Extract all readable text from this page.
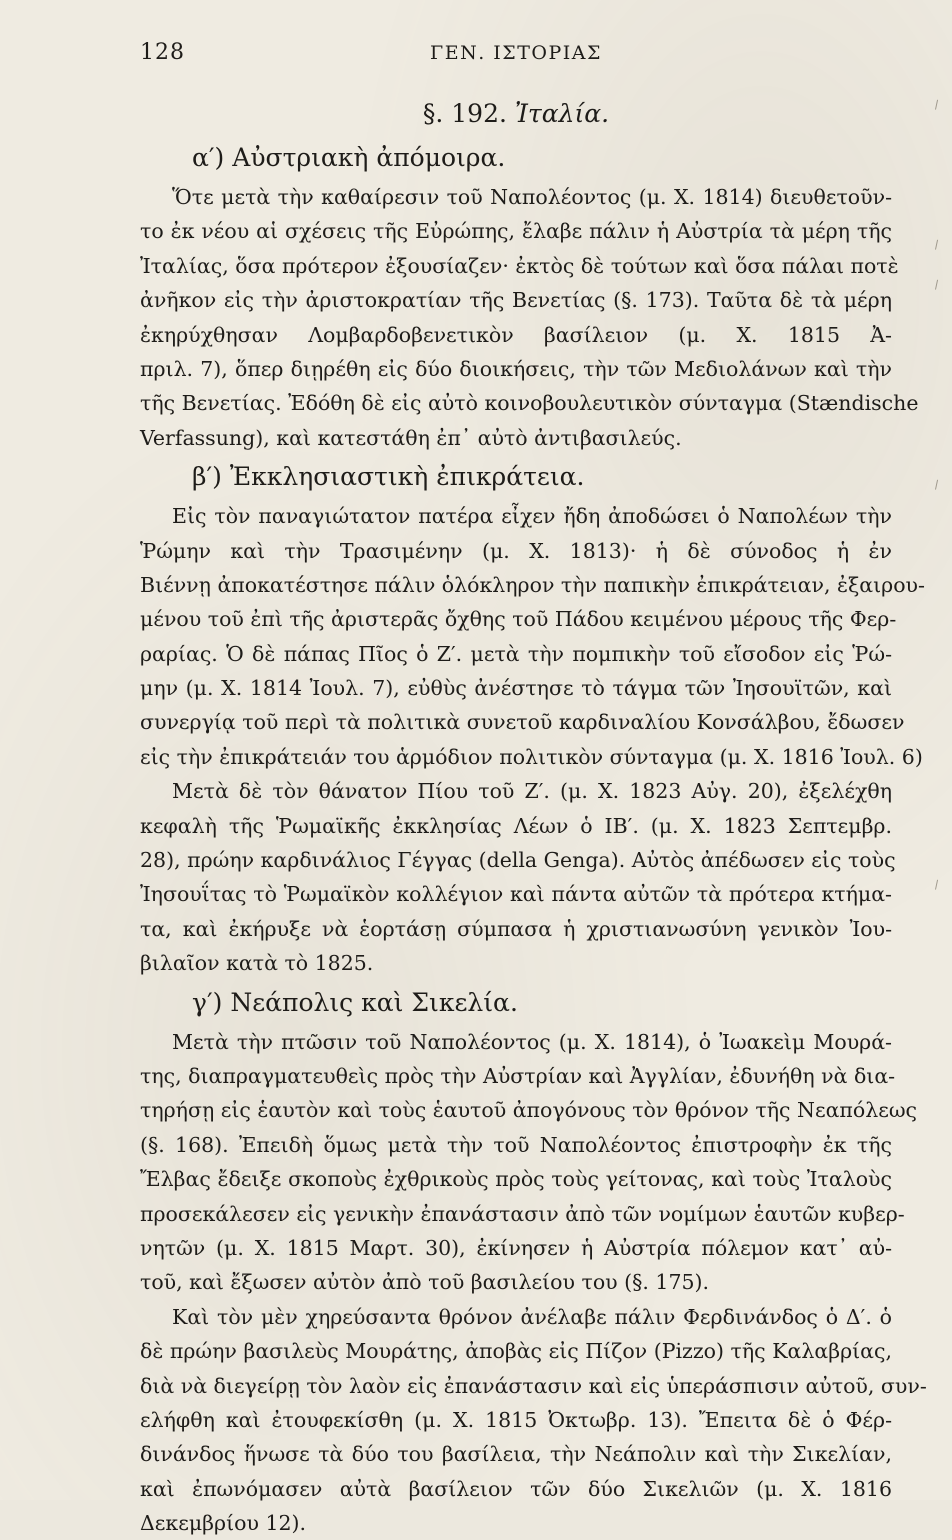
128	ΓΕΝ. ΙΣΤΟΡΙΑΣ
§. 192. Ἰταλία.
α′) Αὐστριακὴ ἀπόμοιρα.
Ὅτε μετὰ τὴν καθαίρεσιν τοῦ Ναπολέοντος (μ. Χ. 1814) διευθετοῦν-
το ἐκ νέου αἱ σχέσεις τῆς Εὐρώπης, ἔλαβε πάλιν ἡ Αὐστρία τὰ μέρη τῆς
Ἰταλίας, ὅσα πρότερον ἐξουσίαζεν· ἐκτὸς δὲ τούτων καὶ ὅσα πάλαι ποτὲ
ἀνῆκον εἰς τὴν ἀριστοκρατίαν τῆς Βενετίας (§. 173). Ταῦτα δὲ τὰ μέρη
ἐκηρύχθησαν Λομβαρδοβενετικὸν βασίλειον (μ. Χ. 1815 Ἀ-
πριλ. 7), ὅπερ διῃρέθη εἰς δύο διοικήσεις, τὴν τῶν Μεδιολάνων καὶ τὴν
τῆς Βενετίας. Ἐδόθη δὲ εἰς αὐτὸ κοινοβουλευτικὸν σύνταγμα (Stændische
Verfassung), καὶ κατεστάθη ἐπ᾽ αὐτὸ ἀντιβασιλεύς.
β′) Ἐκκλησιαστικὴ ἐπικράτεια.
Εἰς τὸν παναγιώτατον πατέρα εἶχεν ἤδη ἀποδώσει ὁ Ναπολέων τὴν
Ῥώμην καὶ τὴν Τρασιμένην (μ. Χ. 1813)· ἡ δὲ σύνοδος ἡ ἐν
Βιέννῃ ἀποκατέστησε πάλιν ὁλόκληρον τὴν παπικὴν ἐπικράτειαν, ἐξαιρου-
μένου τοῦ ἐπὶ τῆς ἀριστερᾶς ὄχθης τοῦ Πάδου κειμένου μέρους τῆς Φερ-
ραρίας. Ὁ δὲ πάπας Πῖος ὁ Ζ′. μετὰ τὴν πομπικὴν τοῦ εἴσοδον εἰς Ῥώ-
μην (μ. Χ. 1814 Ἰουλ. 7), εὐθὺς ἀνέστησε τὸ τάγμα τῶν Ἰησουϊτῶν, καὶ
συνεργίᾳ τοῦ περὶ τὰ πολιτικὰ συνετοῦ καρδιναλίου Κονσάλβου, ἔδωσεν
εἰς τὴν ἐπικράτειάν του ἁρμόδιον πολιτικὸν σύνταγμα (μ. Χ. 1816 Ἰουλ. 6)
Μετὰ δὲ τὸν θάνατον Πίου τοῦ Ζ′. (μ. Χ. 1823 Αὐγ. 20), ἐξελέχθη
κεφαλὴ τῆς Ῥωμαϊκῆς ἐκκλησίας Λέων ὁ ΙΒ′. (μ. Χ. 1823 Σεπτεμβρ.
28), πρώην καρδινάλιος Γέγγας (della Genga). Αὐτὸς ἀπέδωσεν εἰς τοὺς
Ἰησουΐτας τὸ Ῥωμαϊκὸν κολλέγιον καὶ πάντα αὐτῶν τὰ πρότερα κτήμα-
τα, καὶ ἐκήρυξε νὰ ἑορτάσῃ σύμπασα ἡ χριστιανωσύνη γενικὸν Ἰου-
βιλαῖον κατὰ τὸ 1825.
γ′) Νεάπολις καὶ Σικελία.
Μετὰ τὴν πτῶσιν τοῦ Ναπολέοντος (μ. Χ. 1814), ὁ Ἰωακεὶμ Μουρά-
της, διαπραγματευθεὶς πρὸς τὴν Αὐστρίαν καὶ Ἀγγλίαν, ἐδυνήθη νὰ δια-
τηρήσῃ εἰς ἑαυτὸν καὶ τοὺς ἑαυτοῦ ἀπογόνους τὸν θρόνον τῆς Νεαπόλεως
(§. 168). Ἐπειδὴ ὅμως μετὰ τὴν τοῦ Ναπολέοντος ἐπιστροφὴν ἐκ τῆς
Ἔλβας ἔδειξε σκοποὺς ἐχθρικοὺς πρὸς τοὺς γείτονας, καὶ τοὺς Ἰταλοὺς
προσεκάλεσεν εἰς γενικὴν ἐπανάστασιν ἀπὸ τῶν νομίμων ἑαυτῶν κυβερ-
νητῶν (μ. Χ. 1815 Μαρτ. 30), ἐκίνησεν ἡ Αὐστρία πόλεμον κατ᾽ αὐ-
τοῦ, καὶ ἔξωσεν αὐτὸν ἀπὸ τοῦ βασιλείου του (§. 175).
Καὶ τὸν μὲν χηρεύσαντα θρόνον ἀνέλαβε πάλιν Φερδινάνδος ὁ Δ′. ὁ
δὲ πρώην βασιλεὺς Μουράτης, ἀποβὰς εἰς Πίζον (Pizzo) τῆς Καλαβρίας,
διὰ νὰ διεγείρῃ τὸν λαὸν εἰς ἐπανάστασιν καὶ εἰς ὑπεράσπισιν αὐτοῦ, συν-
ελήφθη καὶ ἐτουφεκίσθη (μ. Χ. 1815 Ὀκτωβρ. 13). Ἔπειτα δὲ ὁ Φέρ-
δινάνδος ἥνωσε τὰ δύο του βασίλεια, τὴν Νεάπολιν καὶ τὴν Σικελίαν,
καὶ ἐπωνόμασεν αὐτὰ βασίλειον τῶν δύο Σικελιῶν (μ. Χ. 1816
Δεκεμβρίου 12).
